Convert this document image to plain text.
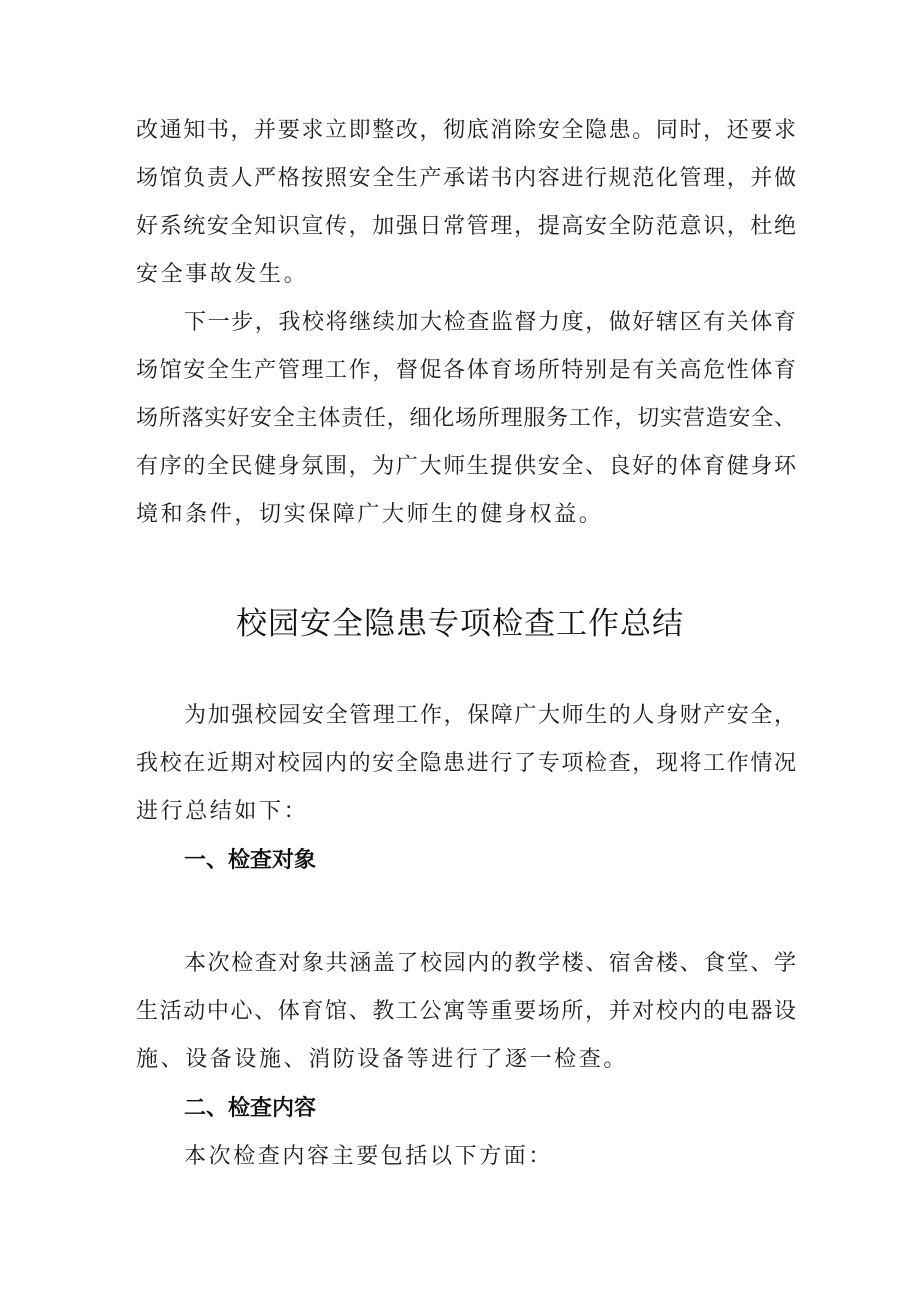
改通知书，并要求立即整改，彻底消除安全隐患。同时，还要求
场馆负责人严格按照安全生产承诺书内容进行规范化管理，并做
好系统安全知识宣传，加强日常管理，提高安全防范意识，杜绝
安全事故发生。
下一步，我校将继续加大检查监督力度，做好辖区有关体育
场馆安全生产管理工作，督促各体育场所特别是有关高危性体育
场所落实好安全主体责任，细化场所理服务工作，切实营造安全、
有序的全民健身氛围，为广大师生提供安全、良好的体育健身环
境和条件，切实保障广大师生的健身权益。
校园安全隐患专项检查工作总结
为加强校园安全管理工作，保障广大师生的人身财产安全，
我校在近期对校园内的安全隐患进行了专项检查，现将工作情况
进行总结如下：
一、检查对象
本次检查对象共涵盖了校园内的教学楼、宿舍楼、食堂、学
生活动中心、体育馆、教工公寓等重要场所，并对校内的电器设
施、设备设施、消防设备等进行了逐一检查。
二、检查内容
本次检查内容主要包括以下方面：
